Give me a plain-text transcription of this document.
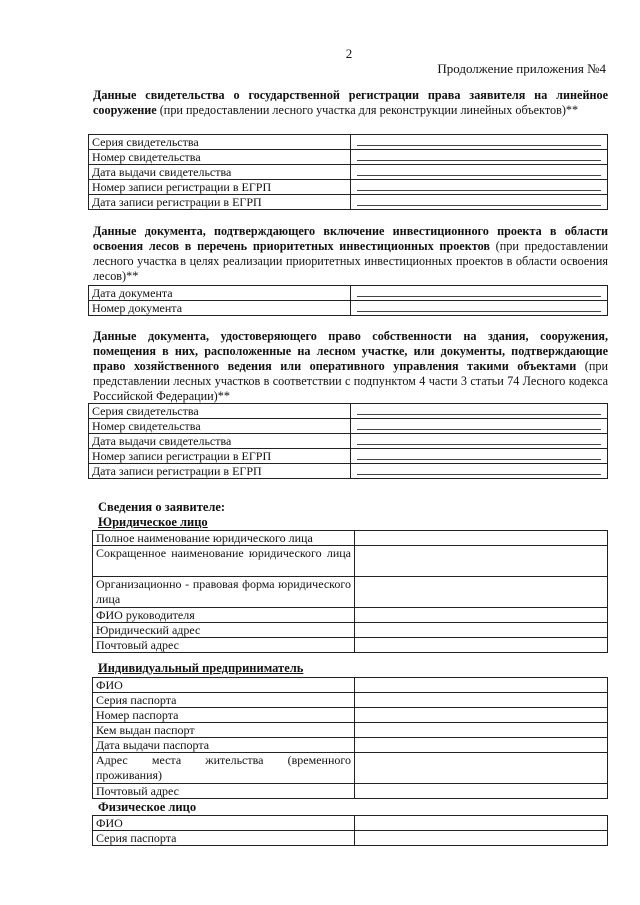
2
Продолжение приложения №4
Данные свидетельства о государственной регистрации права заявителя на линейное сооружение (при предоставлении лесного участка для реконструкции линейных объектов)**
Серия свидетельства	

Номер свидетельства	

Дата выдачи свидетельства	

Номер записи регистрации в ЕГРП	

Дата записи регистрации в ЕГРП	
Данные документа, подтверждающего включение инвестиционного проекта в области освоения лесов в перечень приоритетных инвестиционных проектов (при предоставлении лесного участка в целях реализации приоритетных инвестиционных проектов в области освоения лесов)**
Дата документа	

Номер документа	
Данные документа, удостоверяющего право собственности на здания, сооружения, помещения в них, расположенные на лесном участке, или документы, подтверждающие право хозяйственного ведения или оперативного управления такими объектами (при представлении лесных участков в соответствии с подпунктом 4 части 3 статьи 74 Лесного кодекса Российской Федерации)**
Серия свидетельства	

Номер свидетельства	

Дата выдачи свидетельства	

Номер записи регистрации в ЕГРП	

Дата записи регистрации в ЕГРП	
Сведения о заявителе:
Юридическое лицо
Полное наименование юридического лица	
Сокращенное наименование юридического лица	
Организационно - правовая форма юридического лица	
ФИО руководителя	
Юридический адрес	
Почтовый адрес	
Индивидуальный предприниматель
ФИО	
Серия паспорта	
Номер паспорта	
Кем выдан паспорт	
Дата выдачи паспорта	
Адрес места жительства (временного проживания)	
Почтовый адрес	
Физическое лицо
ФИО	
Серия паспорта	
